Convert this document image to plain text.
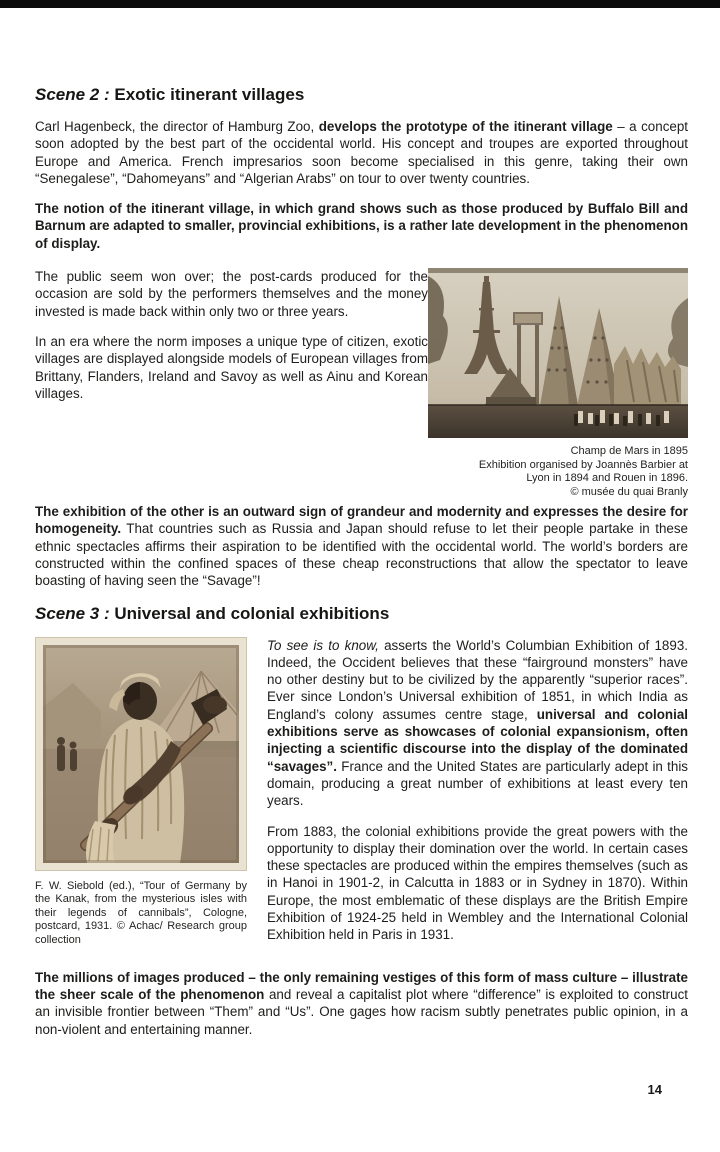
Scene 2 : Exotic itinerant villages

Carl Hagenbeck, the director of Hamburg Zoo, develops the prototype of the itinerant village – a concept soon adopted by the best part of the occidental world. His concept and troupes are exported throughout Europe and America. French impresarios soon become specialised in this genre, taking their own “Senegalese”, “Dahomeyans” and “Algerian Arabs” on tour to over twenty countries.

The notion of the itinerant village, in which grand shows such as those produced by Buffalo Bill and Barnum are adapted to smaller, provincial exhibitions, is a rather late development in the phenomenon of display.

Champ de Mars in 1895
Exhibition organised by Joannès Barbier at
Lyon in 1894 and Rouen in 1896.
© musée du quai Branly

The public seem won over; the post-cards produced for the occasion are sold by the performers themselves and the money invested is made back within only two or three years.

In an era where the norm imposes a unique type of citizen, exotic villages are displayed alongside models of European villages from Brittany, Flanders, Ireland and Savoy as well as Ainu and Korean villages.

The exhibition of the other is an outward sign of grandeur and modernity and expresses the desire for homogeneity. That countries such as Russia and Japan should refuse to let their people partake in these ethnic spectacles affirms their aspiration to be identified with the occidental world. The world’s borders are constructed within the confined spaces of these cheap reconstructions that allow the spectator to leave boasting of having seen the “Savage”!

Scene 3 : Universal and colonial exhibitions
F. W. Siebold (ed.), “Tour of Germany by the Kanak, from the mysterious isles with their legends of cannibals”, Cologne, postcard, 1931. © Achac/ Research group collection

To see is to know, asserts the World’s Columbian Exhibition of 1893. Indeed, the Occident believes that these “fairground monsters” have no other destiny but to be civilized by the apparently “superior races”. Ever since London’s Universal exhibition of 1851, in which India as England’s colony assumes centre stage, universal and colonial exhibitions serve as showcases of colonial expansionism, often injecting a scientific discourse into the display of the dominated “savages”. France and the United States are particularly adept in this domain, producing a great number of exhibitions at least every ten years.

From 1883, the colonial exhibitions provide the great powers with the opportunity to display their domination over the world. In certain cases these spectacles are produced within the empires themselves (such as in Hanoi in 1901-2, in Calcutta in 1883 or in Sydney in 1870). Within Europe, the most emblematic of these displays are the British Empire Exhibition of 1924-25 held in Wembley and the International Colonial Exhibition held in Paris in 1931.

The millions of images produced – the only remaining vestiges of this form of mass culture – illustrate the sheer scale of the phenomenon and reveal a capitalist plot where “difference” is exploited to construct an invisible frontier between “Them” and “Us”. One gages how racism subtly penetrates public opinion, in a non-violent and entertaining manner.

14
